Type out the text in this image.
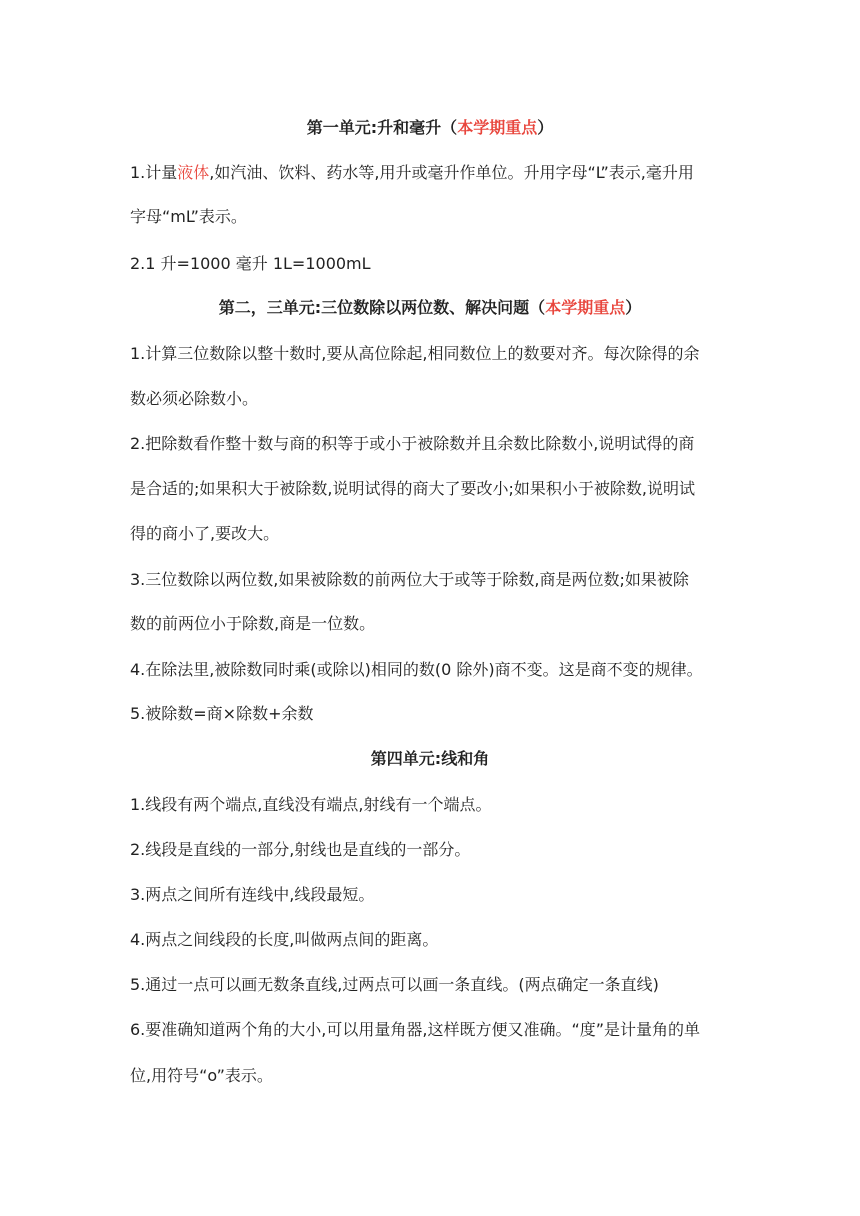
第一单元:升和毫升（本学期重点）
1.计量液体,如汽油、饮料、药水等,用升或毫升作单位。升用字母“L”表示,毫升用
字母“mL”表示。
2.1 升=1000 毫升 1L=1000mL
第二，三单元:三位数除以两位数、解决问题（本学期重点）
1.计算三位数除以整十数时,要从高位除起,相同数位上的数要对齐。每次除得的余
数必须必除数小。
2.把除数看作整十数与商的积等于或小于被除数并且余数比除数小,说明试得的商
是合适的;如果积大于被除数,说明试得的商大了要改小;如果积小于被除数,说明试
得的商小了,要改大。
3.三位数除以两位数,如果被除数的前两位大于或等于除数,商是两位数;如果被除
数的前两位小于除数,商是一位数。
4.在除法里,被除数同时乘(或除以)相同的数(0 除外)商不变。这是商不变的规律。
5.被除数=商×除数+余数
第四单元:线和角
1.线段有两个端点,直线没有端点,射线有一个端点。
2.线段是直线的一部分,射线也是直线的一部分。
3.两点之间所有连线中,线段最短。
4.两点之间线段的长度,叫做两点间的距离。
5.通过一点可以画无数条直线,过两点可以画一条直线。(两点确定一条直线)
6.要准确知道两个角的大小,可以用量角器,这样既方便又准确。“度”是计量角的单
位,用符号“o”表示。
